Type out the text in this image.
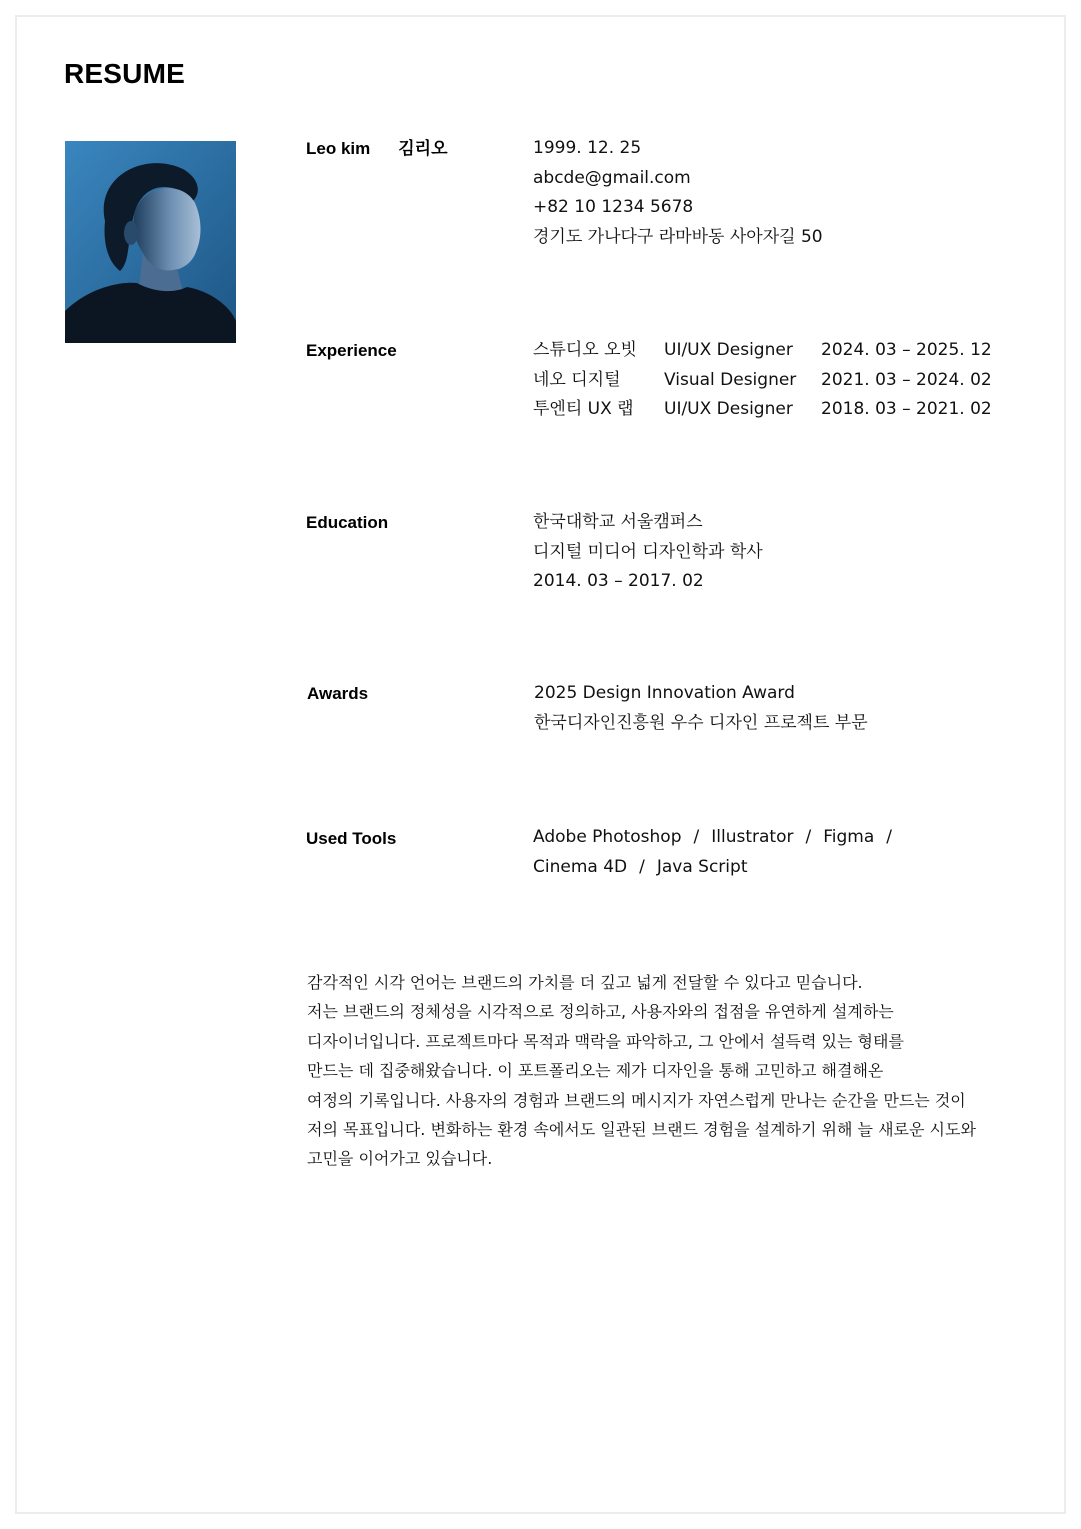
RESUME
Leo kim 김리오	1999. 12. 25
abcde@gmail.com
+82 10 1234 5678
경기도 가나다구 라마바동 사아자길 50
Experience	스튜디오 오빗	UI/UX Designer	2024. 03 – 2025. 12
네오 디지털	Visual Designer	2021. 03 – 2024. 02
투엔티 UX 랩	UI/UX Designer	2018. 03 – 2021. 02
Education	한국대학교 서울캠퍼스
디지털 미디어 디자인학과 학사
2014. 03 – 2017. 02
Awards	2025 Design Innovation Award
한국디자인진흥원 우수 디자인 프로젝트 부문
Used Tools	Adobe Photoshop / Illustrator / Figma /
Cinema 4D / Java Script
감각적인 시각 언어는 브랜드의 가치를 더 깊고 넓게 전달할 수 있다고 믿습니다.
저는 브랜드의 정체성을 시각적으로 정의하고, 사용자와의 접점을 유연하게 설계하는
디자이너입니다. 프로젝트마다 목적과 맥락을 파악하고, 그 안에서 설득력 있는 형태를
만드는 데 집중해왔습니다. 이 포트폴리오는 제가 디자인을 통해 고민하고 해결해온
여정의 기록입니다. 사용자의 경험과 브랜드의 메시지가 자연스럽게 만나는 순간을 만드는 것이
저의 목표입니다. 변화하는 환경 속에서도 일관된 브랜드 경험을 설계하기 위해 늘 새로운 시도와
고민을 이어가고 있습니다.
